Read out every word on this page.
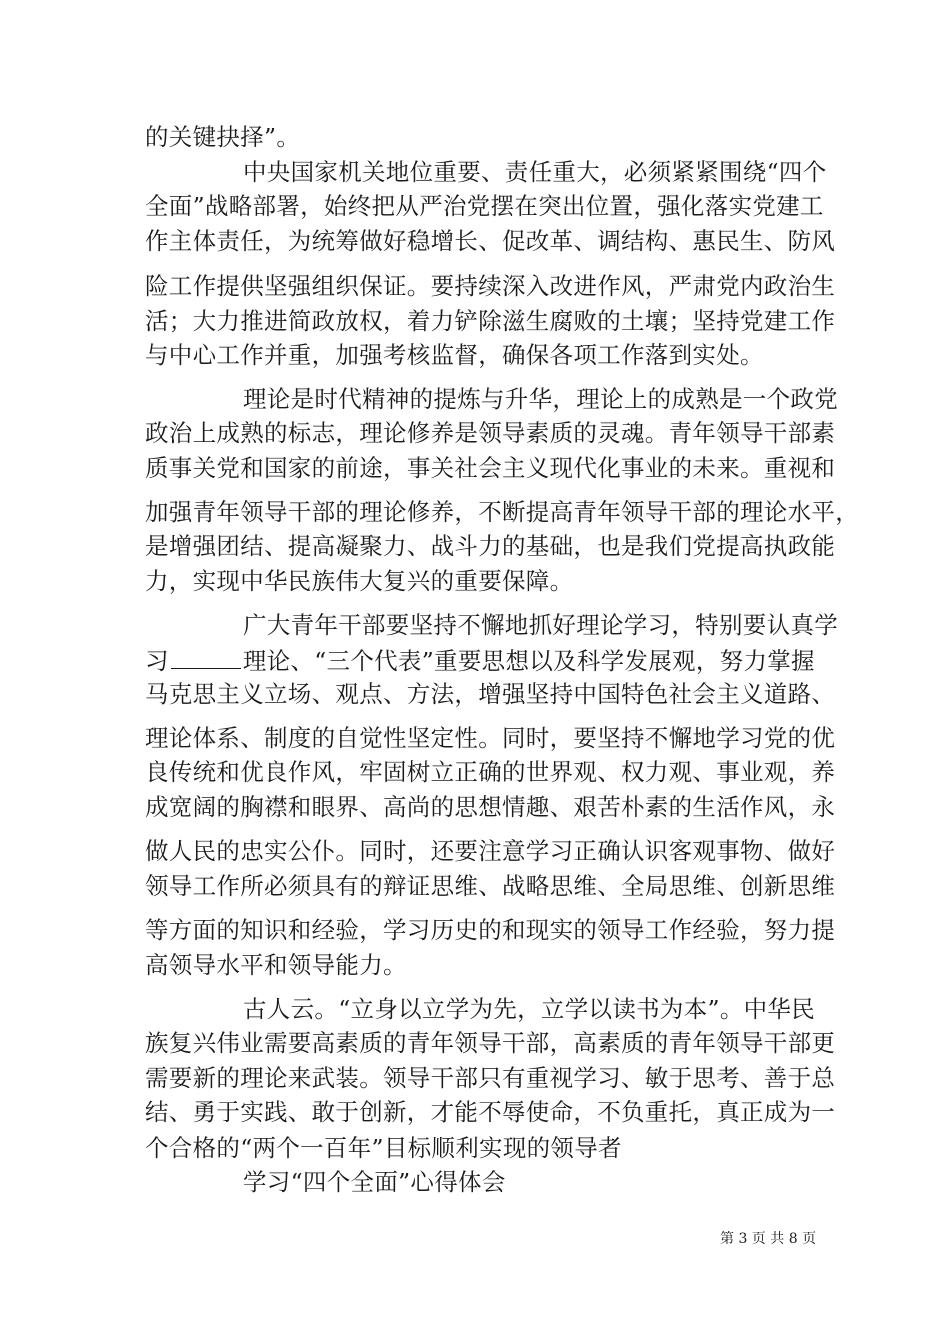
的关键抉择”。
中央国家机关地位重要、责任重大，必须紧紧围绕“四个
全面”战略部署，始终把从严治党摆在突出位置，强化落实党建工
作主体责任，为统筹做好稳增长、促改革、调结构、惠民生、防风
险工作提供坚强组织保证。要持续深入改进作风，严肃党内政治生
活；大力推进简政放权，着力铲除滋生腐败的土壤；坚持党建工作
与中心工作并重，加强考核监督，确保各项工作落到实处。
理论是时代精神的提炼与升华，理论上的成熟是一个政党
政治上成熟的标志，理论修养是领导素质的灵魂。青年领导干部素
质事关党和国家的前途，事关社会主义现代化事业的未来。重视和
加强青年领导干部的理论修养，不断提高青年领导干部的理论水平，
是增强团结、提高凝聚力、战斗力的基础，也是我们党提高执政能
力，实现中华民族伟大复兴的重要保障。
广大青年干部要坚持不懈地抓好理论学习，特别要认真学
习	理论、“三个代表”重要思想以及科学发展观，努力掌握
马克思主义立场、观点、方法，增强坚持中国特色社会主义道路、
理论体系、制度的自觉性坚定性。同时，要坚持不懈地学习党的优
良传统和优良作风，牢固树立正确的世界观、权力观、事业观，养
成宽阔的胸襟和眼界、高尚的思想情趣、艰苦朴素的生活作风，永
做人民的忠实公仆。同时，还要注意学习正确认识客观事物、做好
领导工作所必须具有的辩证思维、战略思维、全局思维、创新思维
等方面的知识和经验，学习历史的和现实的领导工作经验，努力提
高领导水平和领导能力。
古人云。“立身以立学为先，立学以读书为本”。中华民
族复兴伟业需要高素质的青年领导干部，高素质的青年领导干部更
需要新的理论来武装。领导干部只有重视学习、敏于思考、善于总
结、勇于实践、敢于创新，才能不辱使命，不负重托，真正成为一
个合格的“两个一百年”目标顺利实现的领导者
学习“四个全面”心得体会
第 3 页 共 8 页
